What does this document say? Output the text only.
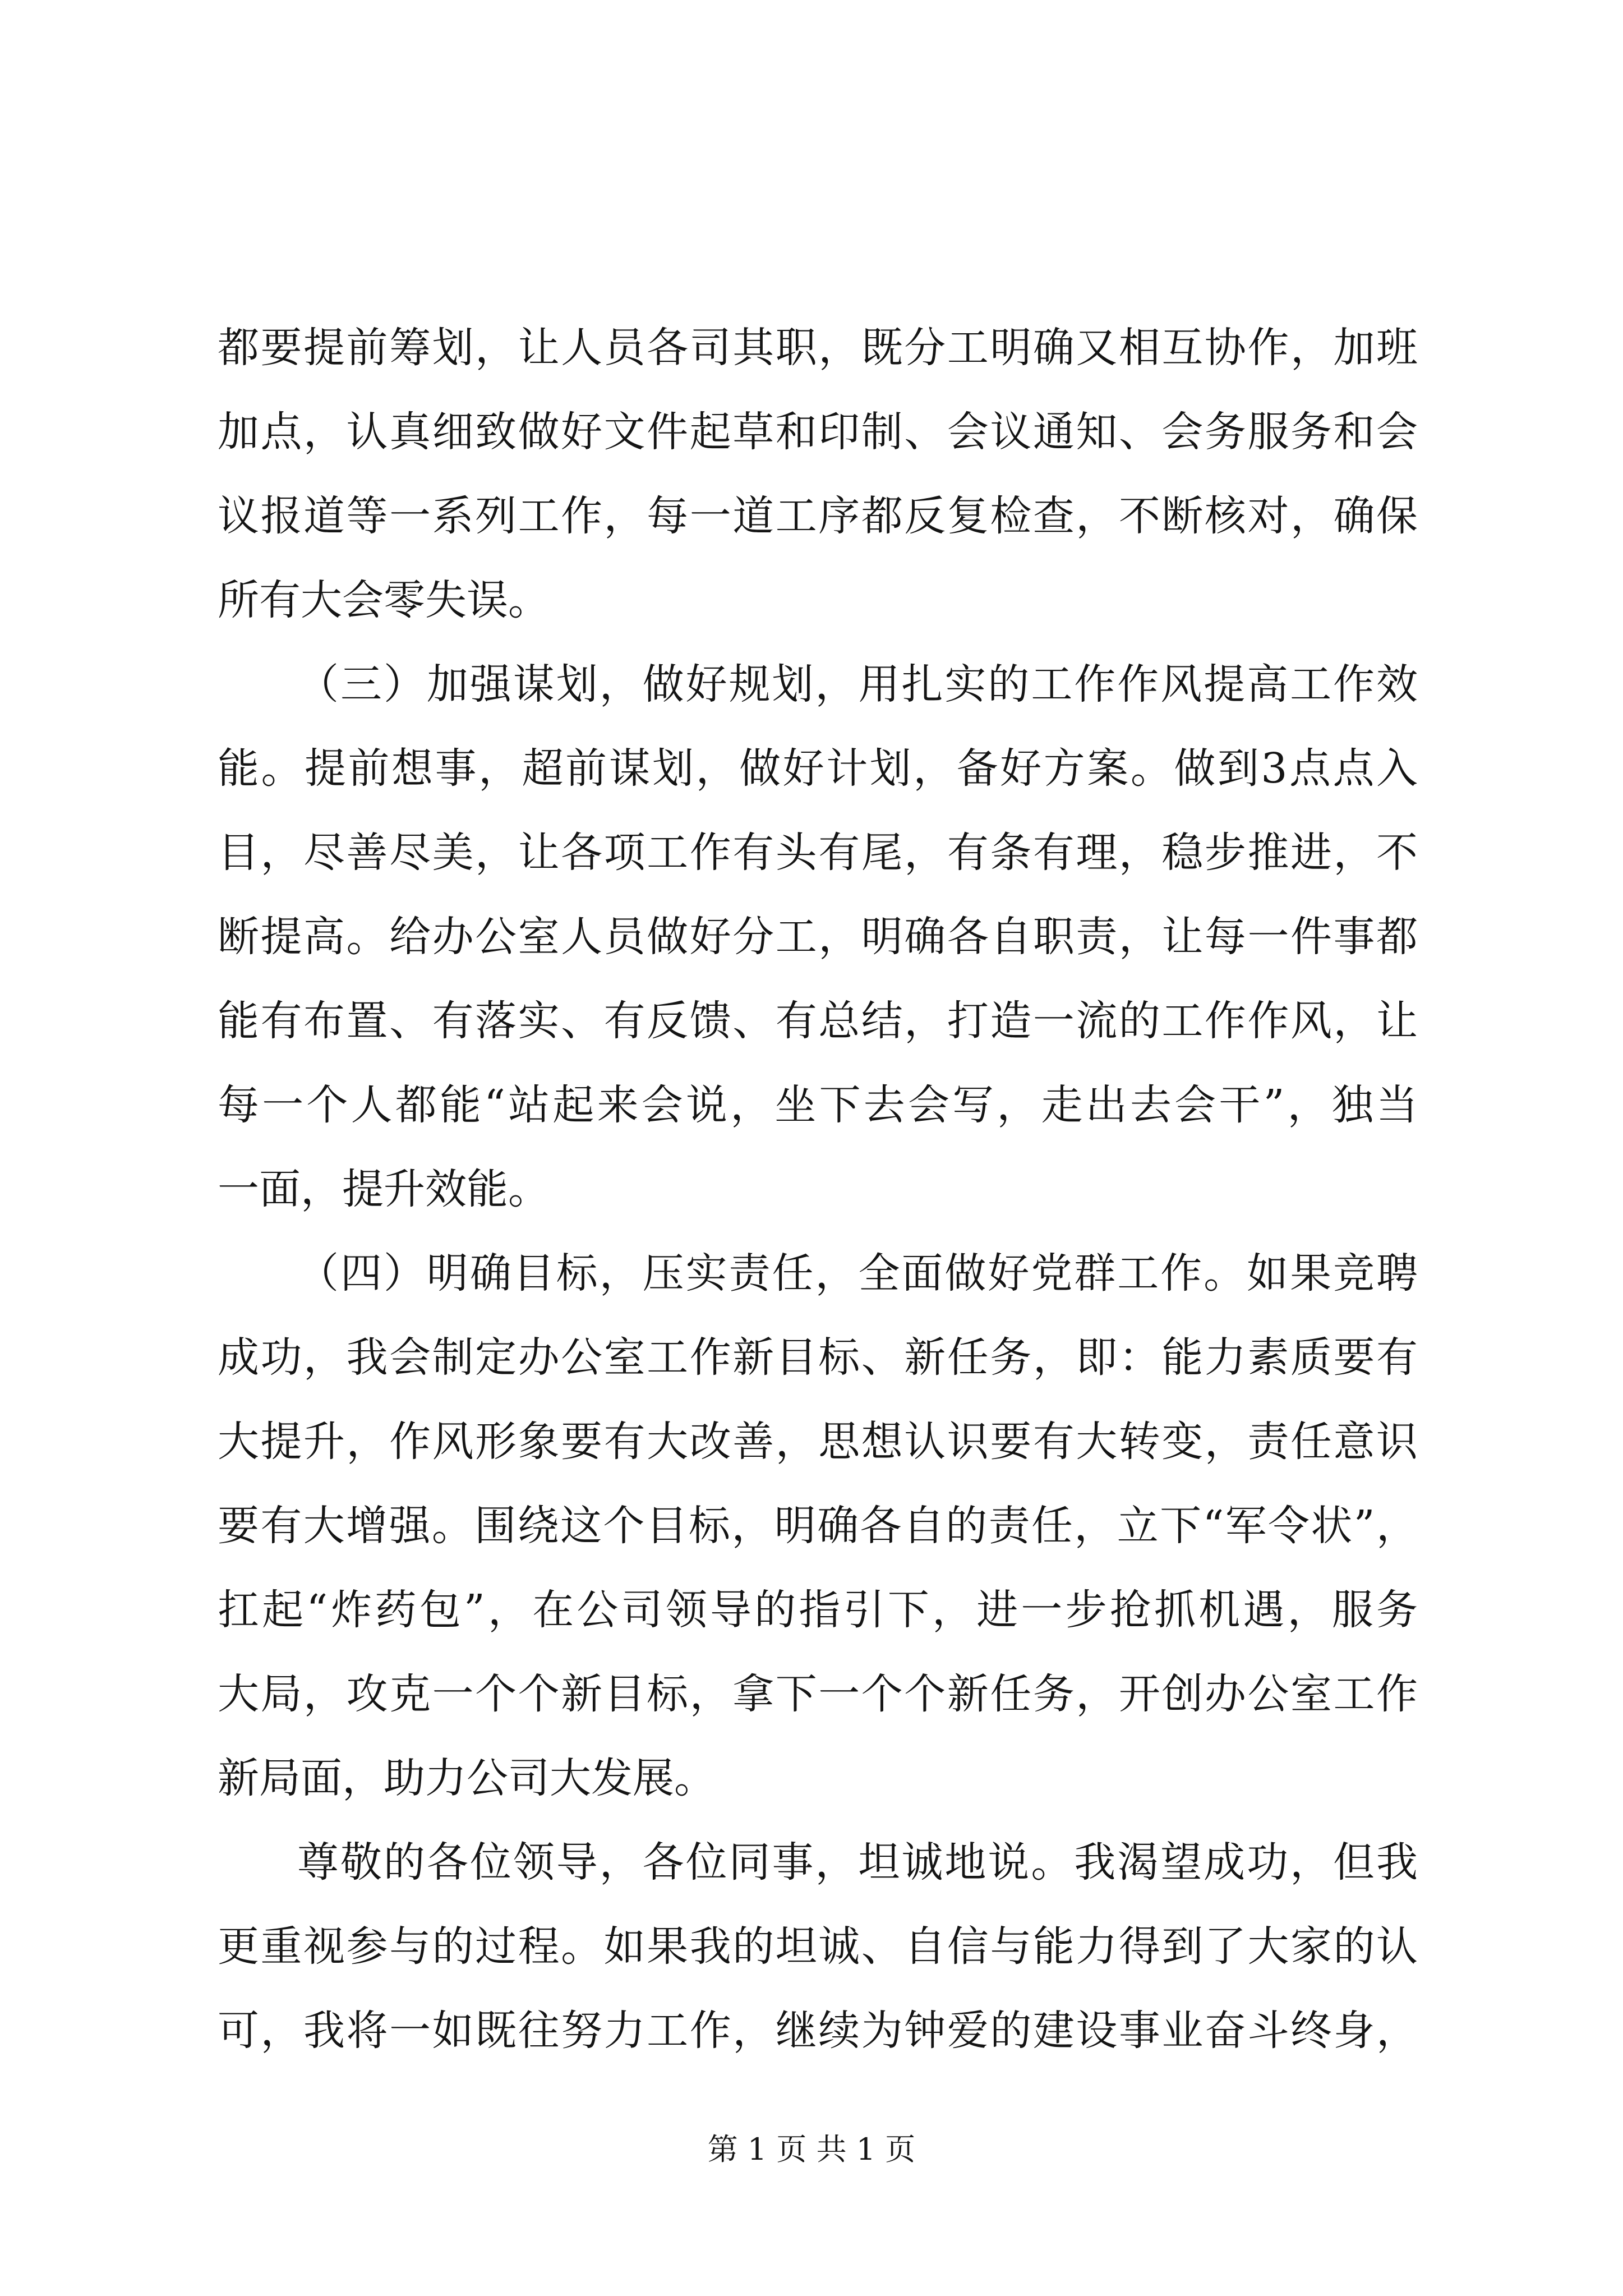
都要提前筹划，让人员各司其职，既分工明确又相互协作，加班
加点，认真细致做好文件起草和印制、会议通知、会务服务和会
议报道等一系列工作，每一道工序都反复检查，不断核对，确保
所有大会零失误。
（三）加强谋划，做好规划，用扎实的工作作风提高工作效
能。提前想事，超前谋划，做好计划，备好方案。做到3点点入
目，尽善尽美，让各项工作有头有尾，有条有理，稳步推进，不
断提高。给办公室人员做好分工，明确各自职责，让每一件事都
能有布置、有落实、有反馈、有总结，打造一流的工作作风，让
每一个人都能“站起来会说，坐下去会写，走出去会干”，独当
一面，提升效能。
（四）明确目标，压实责任，全面做好党群工作。如果竞聘
成功，我会制定办公室工作新目标、新任务，即：能力素质要有
大提升，作风形象要有大改善，思想认识要有大转变，责任意识
要有大增强。围绕这个目标，明确各自的责任，立下“军令状”，
扛起“炸药包”，在公司领导的指引下，进一步抢抓机遇，服务
大局，攻克一个个新目标，拿下一个个新任务，开创办公室工作
新局面，助力公司大发展。
尊敬的各位领导，各位同事，坦诚地说。我渴望成功，但我
更重视参与的过程。如果我的坦诚、自信与能力得到了大家的认
可，我将一如既往努力工作，继续为钟爱的建设事业奋斗终身，
第 1 页 共 1 页
